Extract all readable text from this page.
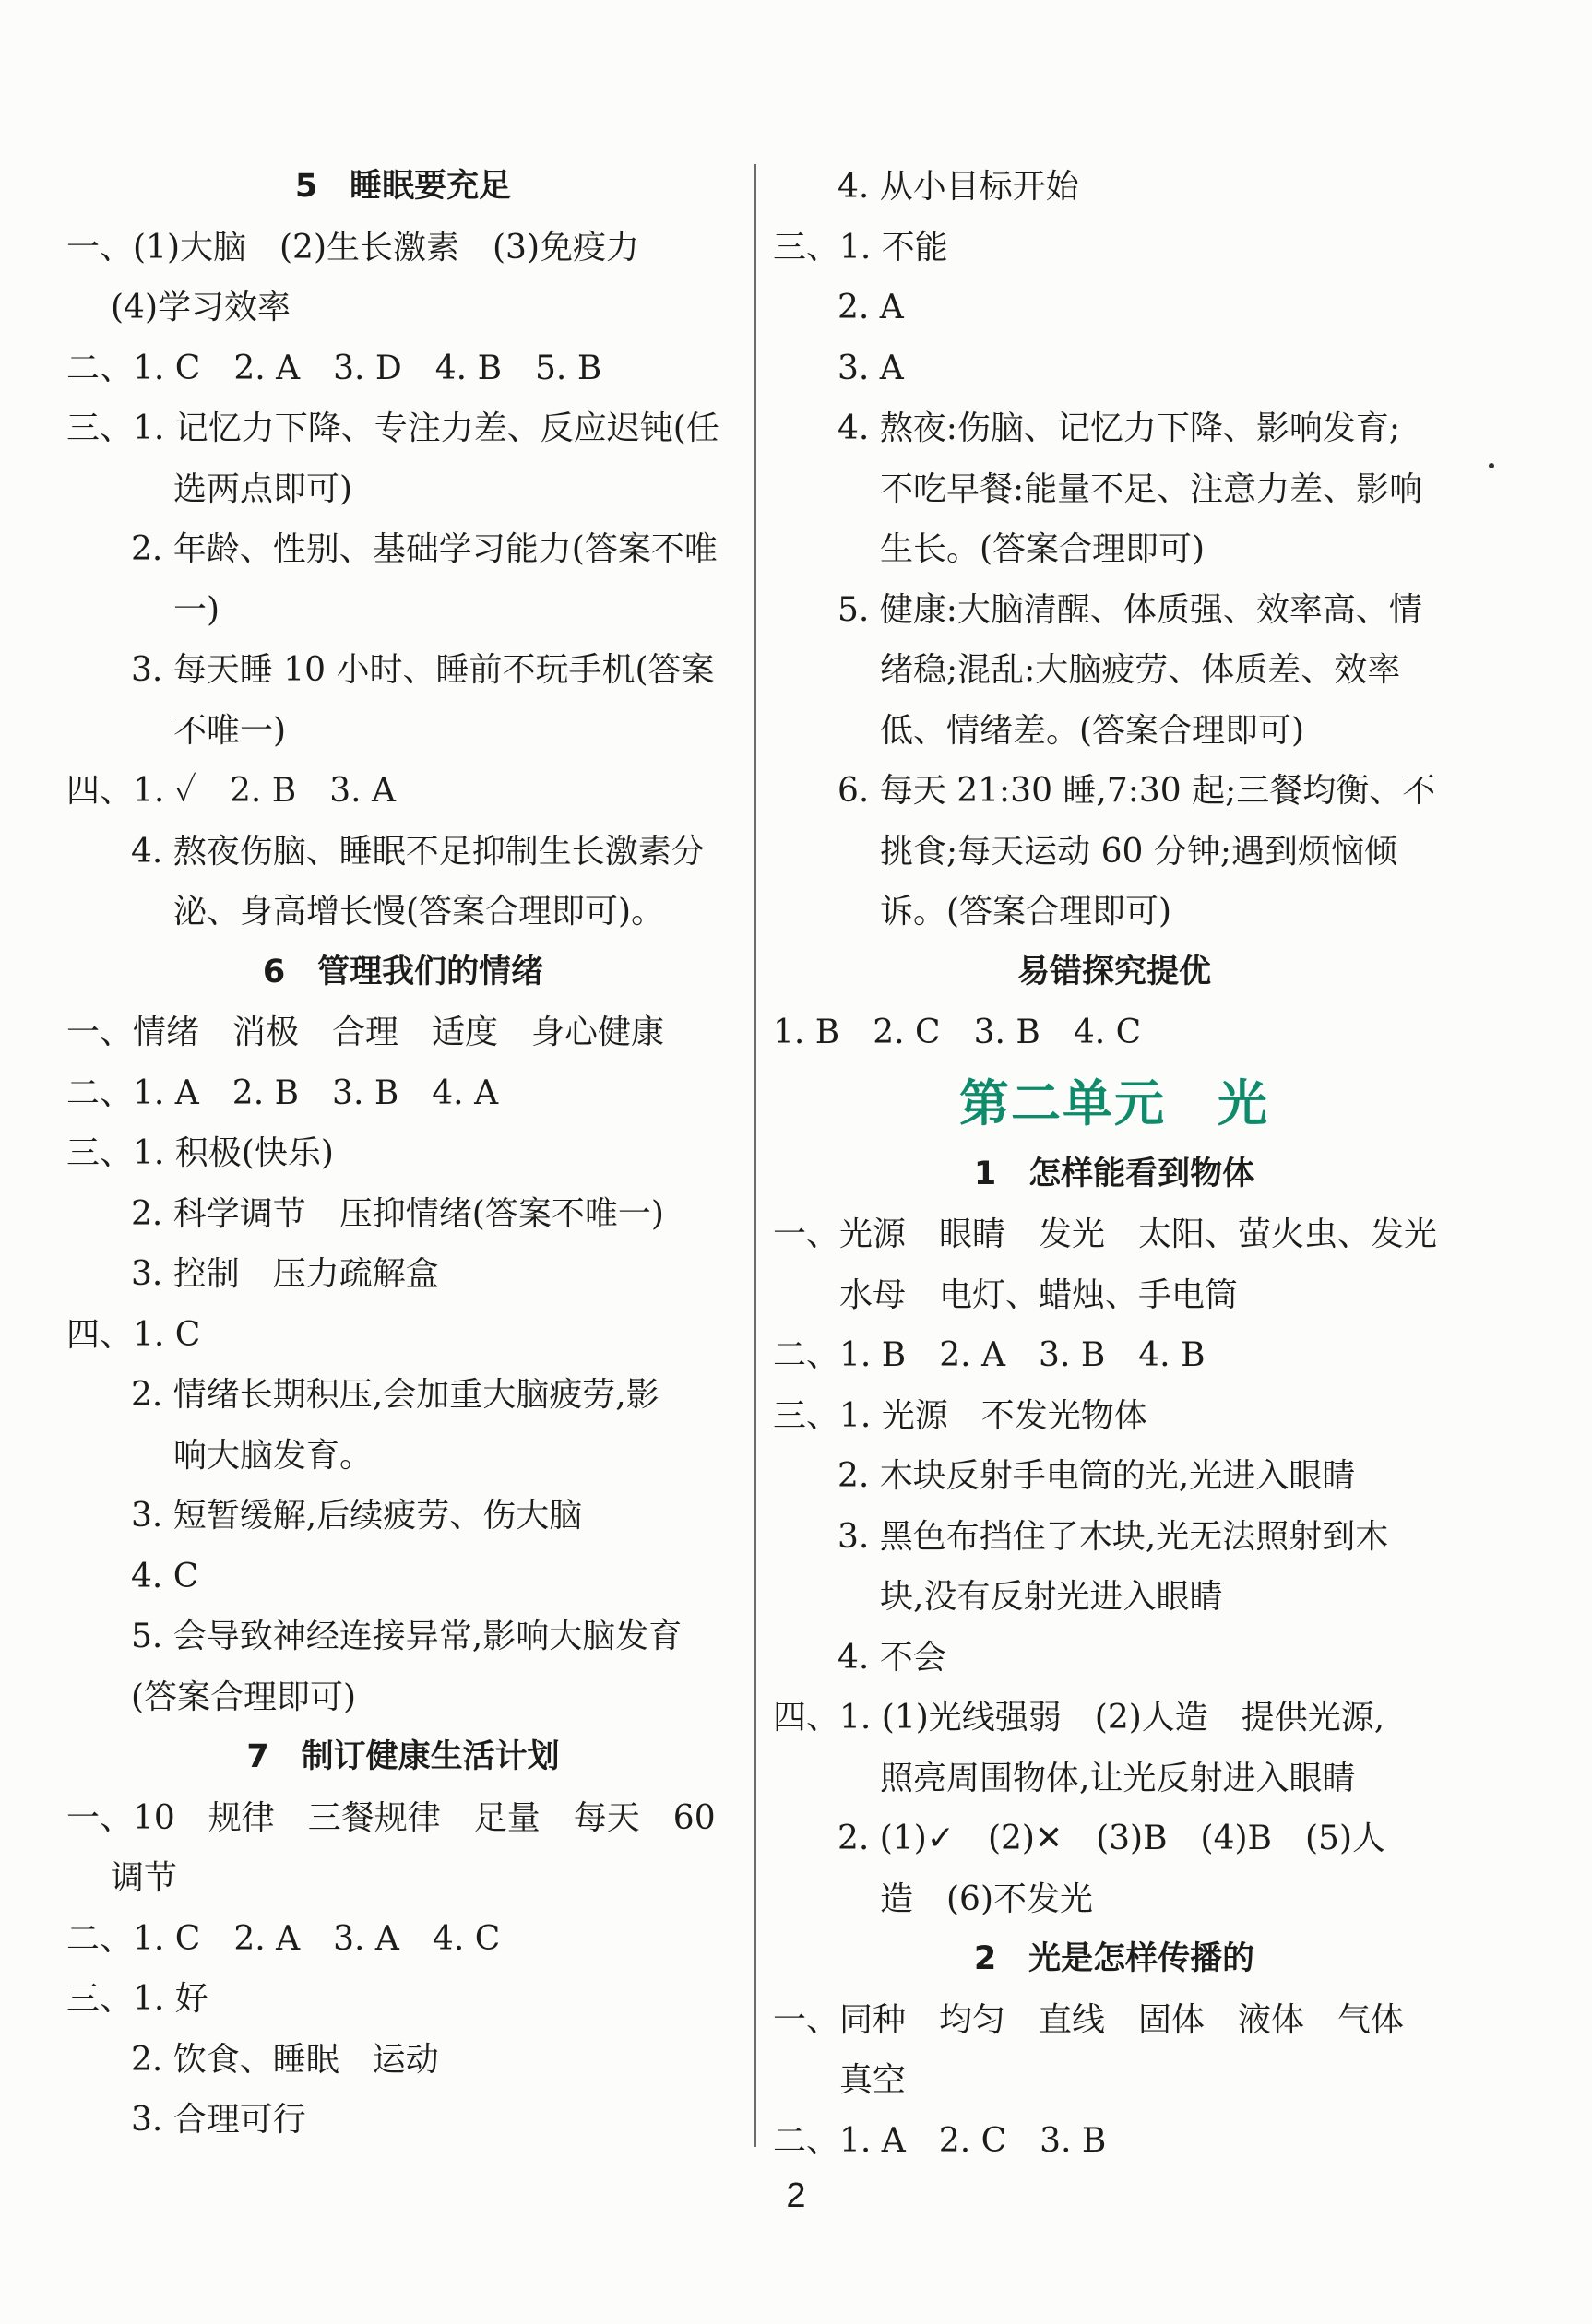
5　睡眠要充足
一、(1)大脑　(2)生长激素　(3)免疫力
(4)学习效率
二、1. C　2. A　3. D　4. B　5. B
三、1. 记忆力下降、专注力差、反应迟钝(任
选两点即可)
2. 年龄、性别、基础学习能力(答案不唯
一)
3. 每天睡 10 小时、睡前不玩手机(答案
不唯一)
四、1. ✓　2. B　3. A
4. 熬夜伤脑、睡眠不足抑制生长激素分
泌、身高增长慢(答案合理即可)。
6　管理我们的情绪
一、情绪　消极　合理　适度　身心健康
二、1. A　2. B　3. B　4. A
三、1. 积极(快乐)
2. 科学调节　压抑情绪(答案不唯一)
3. 控制　压力疏解盒
四、1. C
2. 情绪长期积压,会加重大脑疲劳,影
响大脑发育。
3. 短暂缓解,后续疲劳、伤大脑
4. C
5. 会导致神经连接异常,影响大脑发育
(答案合理即可)
7　制订健康生活计划
一、10　规律　三餐规律　足量　每天　60
调节
二、1. C　2. A　3. A　4. C
三、1. 好
2. 饮食、睡眠　运动
3. 合理可行
4. 从小目标开始
三、1. 不能
2. A
3. A
4. 熬夜:伤脑、记忆力下降、影响发育;
不吃早餐:能量不足、注意力差、影响
生长。(答案合理即可)
5. 健康:大脑清醒、体质强、效率高、情
绪稳;混乱:大脑疲劳、体质差、效率
低、情绪差。(答案合理即可)
6. 每天 21:30 睡,7:30 起;三餐均衡、不
挑食;每天运动 60 分钟;遇到烦恼倾
诉。(答案合理即可)
易错探究提优
1. B　2. C　3. B　4. C
第二单元　光
1　怎样能看到物体
一、光源　眼睛　发光　太阳、萤火虫、发光
水母　电灯、蜡烛、手电筒
二、1. B　2. A　3. B　4. B
三、1. 光源　不发光物体
2. 木块反射手电筒的光,光进入眼睛
3. 黑色布挡住了木块,光无法照射到木
块,没有反射光进入眼睛
4. 不会
四、1. (1)光线强弱　(2)人造　提供光源,
照亮周围物体,让光反射进入眼睛
2. (1)✓　(2)✕　(3)B　(4)B　(5)人
造　(6)不发光
2　光是怎样传播的
一、同种　均匀　直线　固体　液体　气体
真空
二、1. A　2. C　3. B
2
